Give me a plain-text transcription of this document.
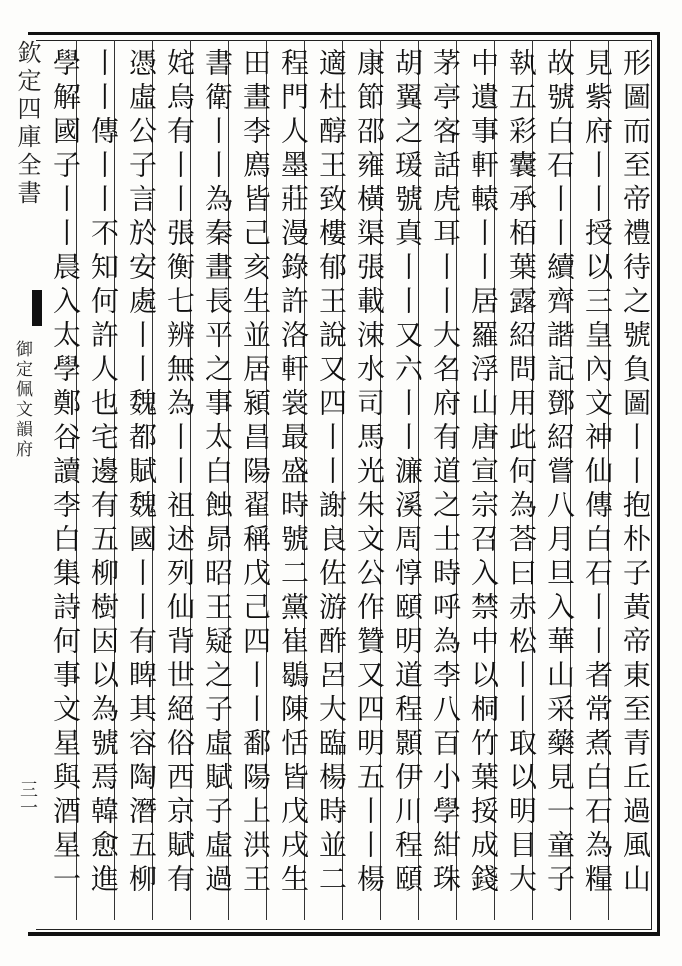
欽定四庫全書
御定佩文韻府
三一	形圖而至帝禮待之號負圖丨丨抱朴子黃帝東至青丘過風山
見紫府丨丨授以三皇內文神仙傳白石丨丨者常煮白石為糧
故號白石丨丨續齊諧記鄧紹嘗八月旦入華山采藥見一童子
執五彩囊承栢葉露紹問用此何為荅曰赤松丨丨取以明目大
中遺事軒轅丨丨居羅浮山唐宣宗召入禁中以桐竹葉挼成錢
茅亭客話虎耳丨丨大名府有道之士時呼為李八百小學紺珠
胡翼之瑗號真丨丨又六丨丨濂溪周惇頤明道程顥伊川程頤
康節邵雍橫渠張載涑水司馬光朱文公作贊又四明五丨丨楊
適杜醇王致樓郁王說又四丨丨謝良佐游酢呂大臨楊時並二
程門人墨莊漫錄許洛軒裳最盛時號二黨崔鶡陳恬皆戊戌生
田畫李廌皆己亥生並居潁昌陽翟稱戊己四丨丨鄱陽上洪王
書衛丨丨為秦畫長平之事太白蝕昴昭王疑之子虛賦子虛過
姹烏有丨丨張衡七辨無為丨丨祖述列仙背世絕俗西京賦有
憑虛公子言於安處丨丨魏都賦魏國丨丨有睥其容陶潛五柳
丨丨傳丨丨不知何許人也宅邊有五柳樹因以為號焉韓愈進
學解國子丨丨晨入太學鄭谷讀李白集詩何事文星與酒星一
